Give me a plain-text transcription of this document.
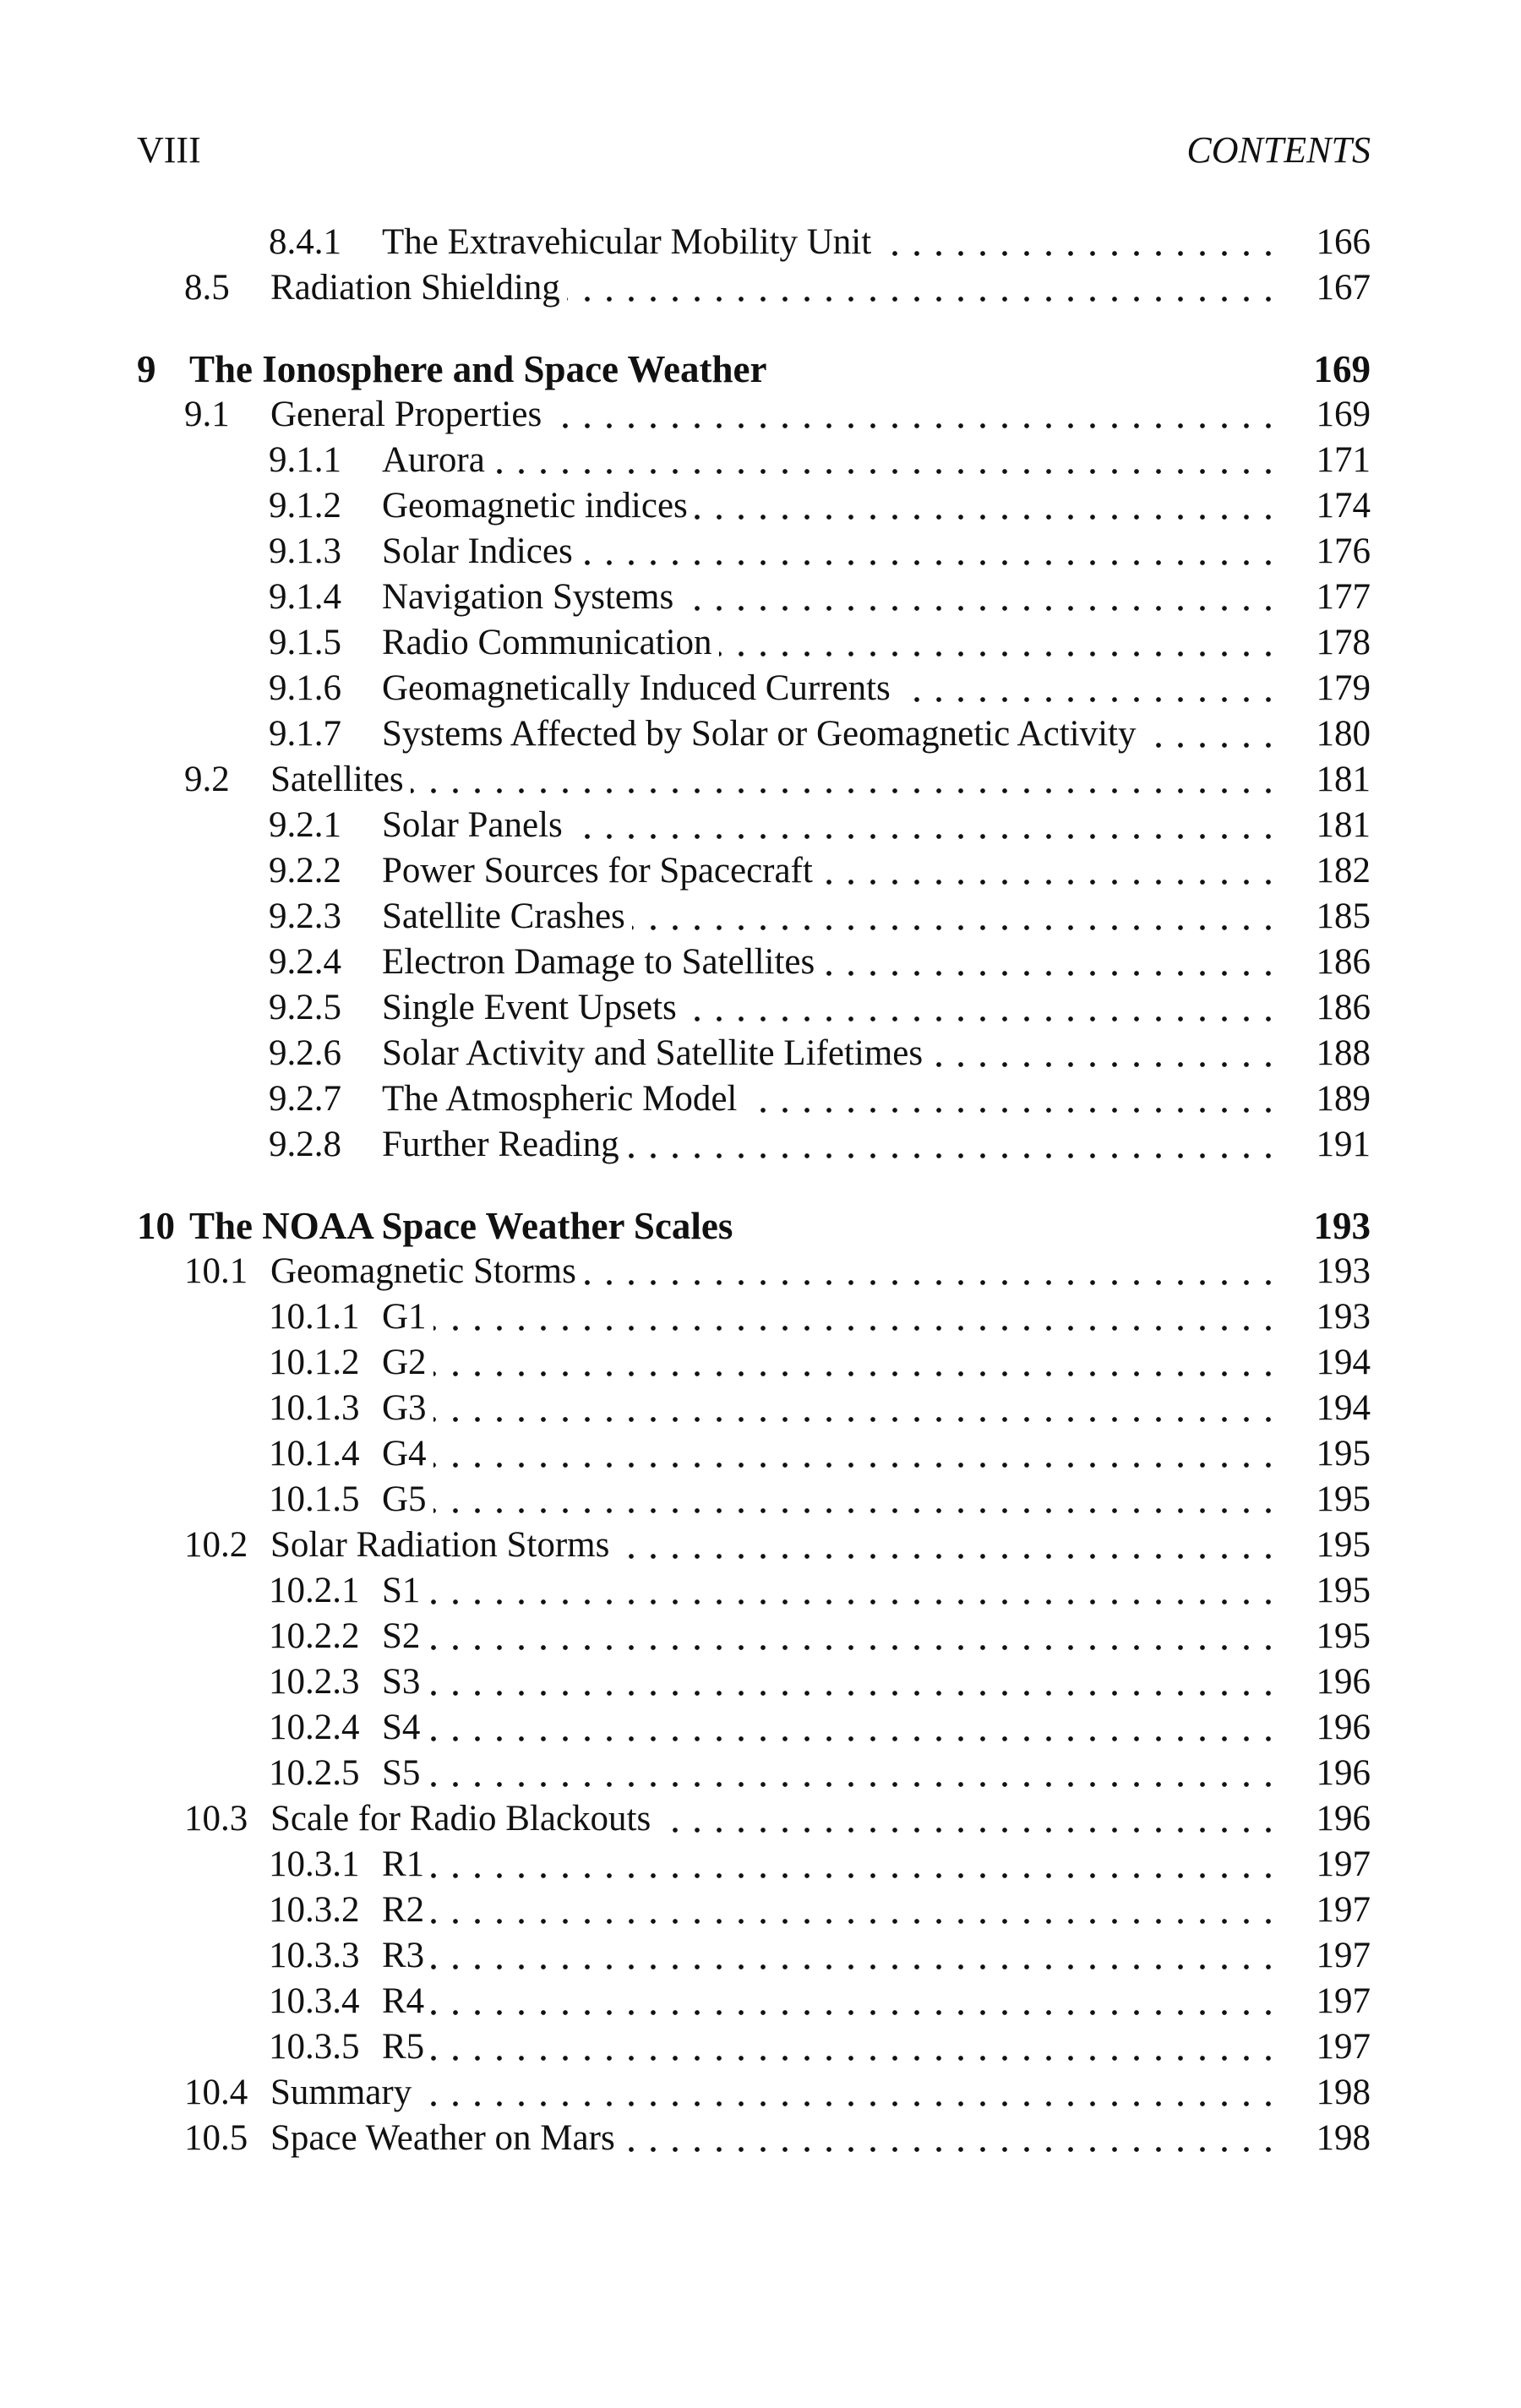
VIII	CONTENTS
8.4.1 The Extravehicular Mobility Unit	166
8.5 Radiation Shielding	167
9 The Ionosphere and Space Weather	169
9.1 General Properties	169
9.1.1 Aurora	171
9.1.2 Geomagnetic indices	174
9.1.3 Solar Indices	176
9.1.4 Navigation Systems	177
9.1.5 Radio Communication	178
9.1.6 Geomagnetically Induced Currents	179
9.1.7 Systems Affected by Solar or Geomagnetic Activity	180
9.2 Satellites	181
9.2.1 Solar Panels	181
9.2.2 Power Sources for Spacecraft	182
9.2.3 Satellite Crashes	185
9.2.4 Electron Damage to Satellites	186
9.2.5 Single Event Upsets	186
9.2.6 Solar Activity and Satellite Lifetimes	188
9.2.7 The Atmospheric Model	189
9.2.8 Further Reading	191
10 The NOAA Space Weather Scales	193
10.1 Geomagnetic Storms	193
10.1.1 G1	193
10.1.2 G2	194
10.1.3 G3	194
10.1.4 G4	195
10.1.5 G5	195
10.2 Solar Radiation Storms	195
10.2.1 S1	195
10.2.2 S2	195
10.2.3 S3	196
10.2.4 S4	196
10.2.5 S5	196
10.3 Scale for Radio Blackouts	196
10.3.1 R1	197
10.3.2 R2	197
10.3.3 R3	197
10.3.4 R4	197
10.3.5 R5	197
10.4 Summary	198
10.5 Space Weather on Mars	198
